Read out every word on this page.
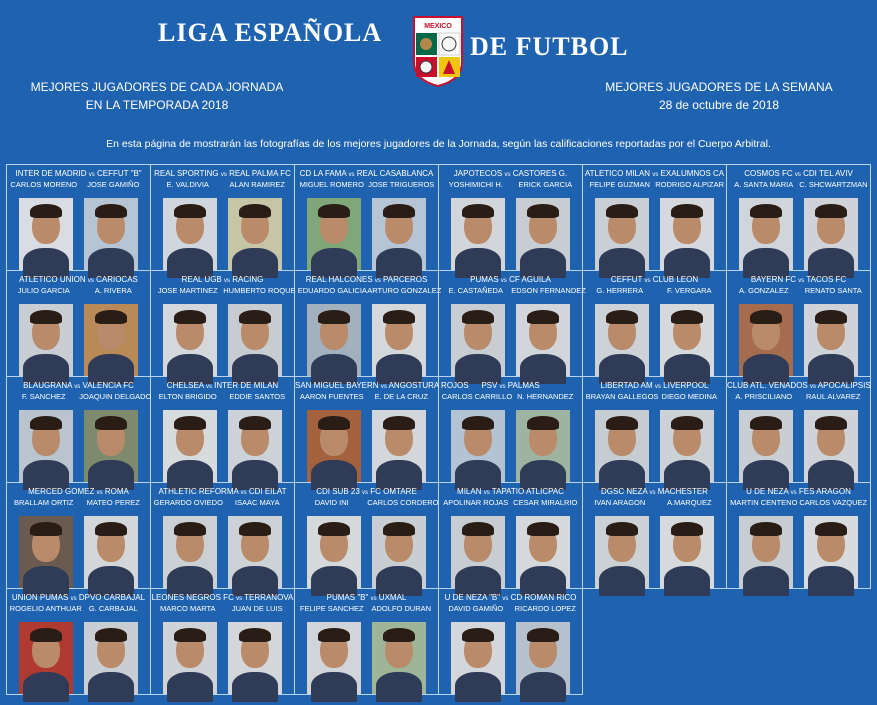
LIGA ESPAÑOLA	MEXICO
DE FUTBOL
MEJORES JUGADORES DE CADA JORNADA
EN LA TEMPORADA 2018
MEJORES JUGADORES DE LA SEMANA
28 de octubre de 2018
En esta página de mostrarán las fotografías de los mejores jugadores de la Jornada, según las calificaciones reportadas por el Cuerpo Arbitral.
INTER DE MADRID vs CEFFUT "B"
CARLOS MORENO	JOSE GAMIÑO
REAL SPORTING vs REAL PALMA FC
E. VALDIVIA	ALAN RAMIREZ
CD LA FAMA vs REAL CASABLANCA
MIGUEL ROMERO JOSE TRIGUEROS
JAPOTECOS vs CASTORES G.
YOSHIMICHI H.	ERICK GARCIA
ATLETICO MILAN vs EXALUMNOS CA
FELIPE GUZMAN RODRIGO ALPIZAR
COSMOS FC vs CDI TEL AVIV
A. SANTA MARIA C. SHCWARTZMAN
ATLETICO UNION vs CARIOCAS
JULIO GARCIA	A. RIVERA
REAL UGB vs RACING
JOSE MARTINEZ HUMBERTO ROQUE
REAL HALCONES vs PARCEROS
EDUARDO GALICIA ARTURO GONZALEZ
PUMAS vs CF AGUILA
E. CASTAÑEDA	EDSON FERNANDEZ
CEFFUT vs CLUB LEON
G. HERRERA	F. VERGARA
BAYERN FC vs TACOS FC
A. GONZALEZ	RENATO SANTA
BLAUGRANA vs VALENCIA FC
F. SANCHEZ	JOAQUIN DELGADO
CHELSEA vs INTER DE MILAN
ELTON BRIGIDO	EDDIE SANTOS
SAN MIGUEL BAYERN vs ANGOSTURA ROJOS
AARON FUENTES	E. DE LA CRUZ
PSV vs PALMAS
CARLOS CARRILLO N. HERNANDEZ
LIBERTAD AM vs LIVERPOOL
BRAYAN GALLEGOS DIEGO MEDINA
CLUB ATL. VENADOS vs APOCALIPSIS
A. PRISCILIANO	RAUL ALVAREZ
MERCED GOMEZ vs ROMA
BRALLAM ORTIZ	MATEO PEREZ
ATHLETIC REFORMA vs CDI EILAT
GERARDO OVIEDO	ISAAC MAYA
CDI SUB 23 vs FC OMTARE
DAVID INI	CARLOS CORDERO
MILAN vs TAPATIO ATLICPAC
APOLINAR ROJAS CESAR MIRALRIO
DGSC NEZA vs MACHESTER
IVAN ARAGON	A.MARQUEZ
U DE NEZA vs FES ARAGON
MARTIN CENTENO CARLOS VAZQUEZ
UNION PUMAS vs DPVO CARBAJAL
ROGELIO ANTHUAR G. CARBAJAL
LEONES NEGROS FC vs TERRANOVA
MARCO MARTA	JUAN DE LUIS
PUMAS "B" vs UXMAL
FELIPE SANCHEZ	ADOLFO DURAN
U DE NEZA "B" vs CD ROMAN RICO
DAVID GAMIÑO	RICARDO LOPEZ
